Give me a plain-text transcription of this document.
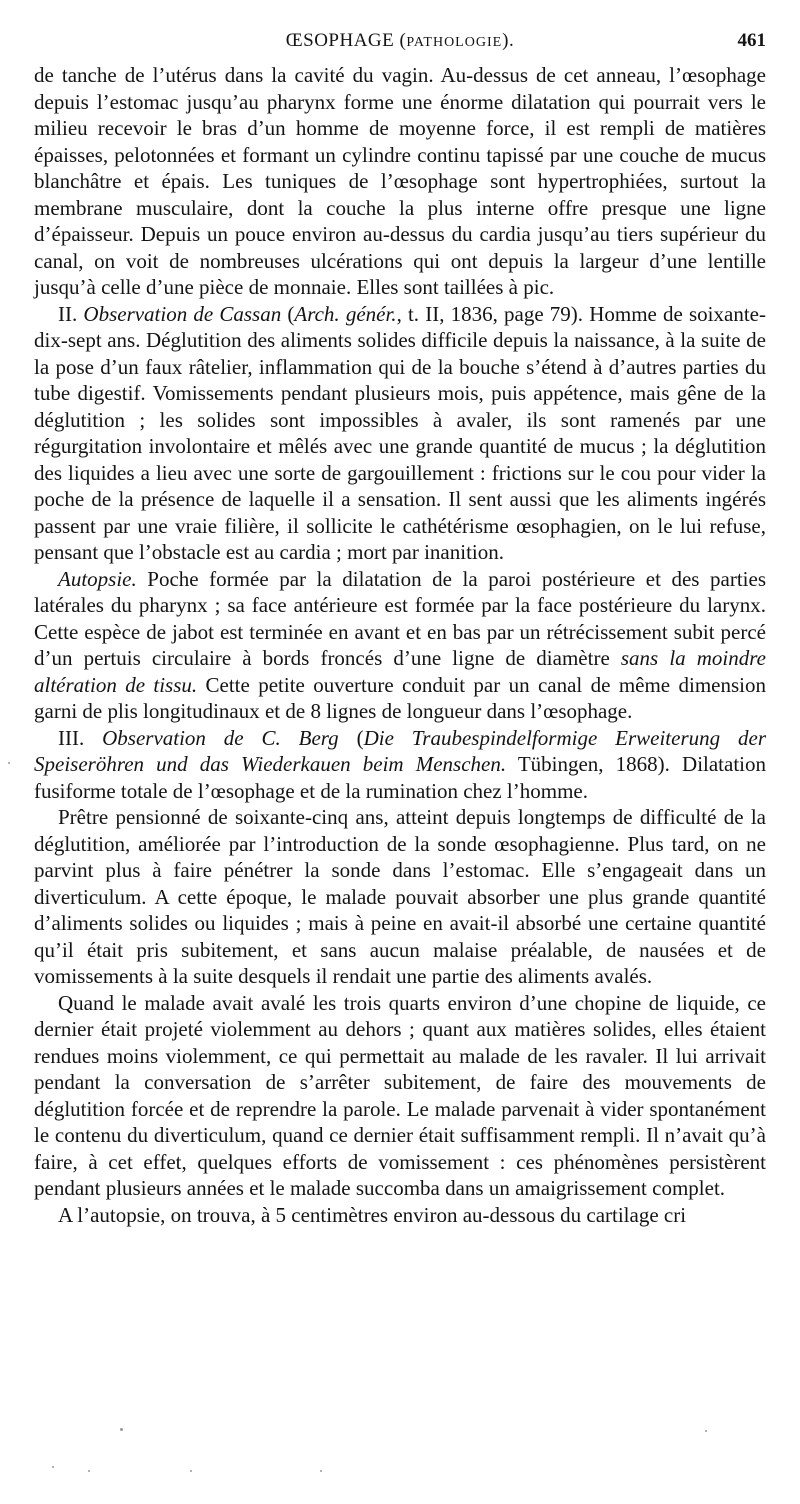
ŒSOPHAGE (PATHOLOGIE).	461

de tanche de l’utérus dans la cavité du vagin. Au-dessus de cet anneau, l’œsophage depuis l’estomac jusqu’au pharynx forme une énorme dilatation qui pourrait vers le milieu recevoir le bras d’un homme de moyenne force, il est rempli de matières épaisses, pelotonnées et formant un cylindre continu tapissé par une couche de mucus blanchâtre et épais. Les tuniques de l’œsophage sont hypertrophiées, surtout la membrane musculaire, dont la couche la plus interne offre presque une ligne d’épaisseur. Depuis un pouce environ au-dessus du cardia jusqu’au tiers supérieur du canal, on voit de nombreuses ulcérations qui ont depuis la largeur d’une lentille jusqu’à celle d’une pièce de monnaie. Elles sont taillées à pic.

II. Observation de Cassan (Arch. génér., t. II, 1836, page 79). Homme de soixante-dix-sept ans. Déglutition des aliments solides difficile depuis la naissance, à la suite de la pose d’un faux râtelier, inflammation qui de la bouche s’étend à d’autres parties du tube digestif. Vomissements pendant plusieurs mois, puis appétence, mais gêne de la déglutition ; les solides sont impossibles à avaler, ils sont ramenés par une régurgitation involontaire et mêlés avec une grande quantité de mucus ; la déglutition des liquides a lieu avec une sorte de gargouillement : frictions sur le cou pour vider la poche de la présence de laquelle il a sensation. Il sent aussi que les aliments ingérés passent par une vraie filière, il sollicite le cathétérisme œsophagien, on le lui refuse, pensant que l’obstacle est au cardia ; mort par inanition.

Autopsie. Poche formée par la dilatation de la paroi postérieure et des parties latérales du pharynx ; sa face antérieure est formée par la face postérieure du larynx. Cette espèce de jabot est terminée en avant et en bas par un rétrécissement subit percé d’un pertuis circulaire à bords froncés d’une ligne de diamètre sans la moindre altération de tissu. Cette petite ouverture conduit par un canal de même dimension garni de plis longitudinaux et de 8 lignes de longueur dans l’œsophage.

III. Observation de C. Berg (Die Traubespindelformige Erweiterung der Speiseröhren und das Wiederkauen beim Menschen. Tübingen, 1868). Dilatation fusiforme totale de l’œsophage et de la rumination chez l’homme.

Prêtre pensionné de soixante-cinq ans, atteint depuis longtemps de difficulté de la déglutition, améliorée par l’introduction de la sonde œsophagienne. Plus tard, on ne parvint plus à faire pénétrer la sonde dans l’estomac. Elle s’engageait dans un diverticulum. A cette époque, le malade pouvait absorber une plus grande quantité d’aliments solides ou liquides ; mais à peine en avait-il absorbé une certaine quantité qu’il était pris subitement, et sans aucun malaise préalable, de nausées et de vomissements à la suite desquels il rendait une partie des aliments avalés.

Quand le malade avait avalé les trois quarts environ d’une chopine de liquide, ce dernier était projeté violemment au dehors ; quant aux matières solides, elles étaient rendues moins violemment, ce qui permettait au malade de les ravaler. Il lui arrivait pendant la conversation de s’arrêter subitement, de faire des mouvements de déglutition forcée et de reprendre la parole. Le malade parvenait à vider spontanément le contenu du diverticulum, quand ce dernier était suffisamment rempli. Il n’avait qu’à faire, à cet effet, quelques efforts de vomissement : ces phénomènes persistèrent pendant plusieurs années et le malade succomba dans un amaigrissement complet.

A l’autopsie, on trouva, à 5 centimètres environ au-dessous du cartilage cri
